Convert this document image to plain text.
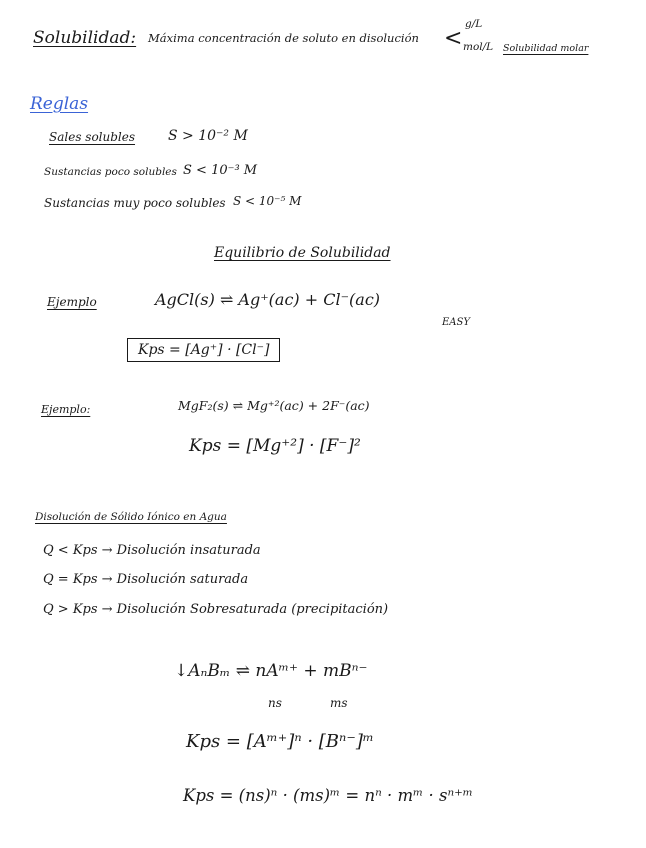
Solubilidad: Máxima concentración de soluto en disolución <
g/L
mol/L Solubilidad molar
Reglas
Sales solubles S > 10⁻² M
Sustancias poco solubles S < 10⁻³ M
Sustancias muy poco solubles S < 10⁻⁵ M
Equilibrio de Solubilidad
Ejemplo	AgCl(s) ⇌ Ag⁺(ac) + Cl⁻(ac)
EASY
Kps = [Ag⁺] · [Cl⁻]
Ejemplo:	MgF₂(s) ⇌ Mg⁺²(ac) + 2F⁻(ac)
Kps = [Mg⁺²] · [F⁻]²
Disolución de Sólido Iónico en Agua
Q < Kps → Disolución insaturada
Q = Kps → Disolución saturada
Q > Kps → Disolución Sobresaturada (precipitación)
↓AₙBₘ ⇌ nAᵐ⁺ + mBⁿ⁻
ns	ms
Kps = [Aᵐ⁺]ⁿ · [Bⁿ⁻]ᵐ
Kps = (ns)ⁿ · (ms)ᵐ = nⁿ · mᵐ · sⁿ⁺ᵐ
